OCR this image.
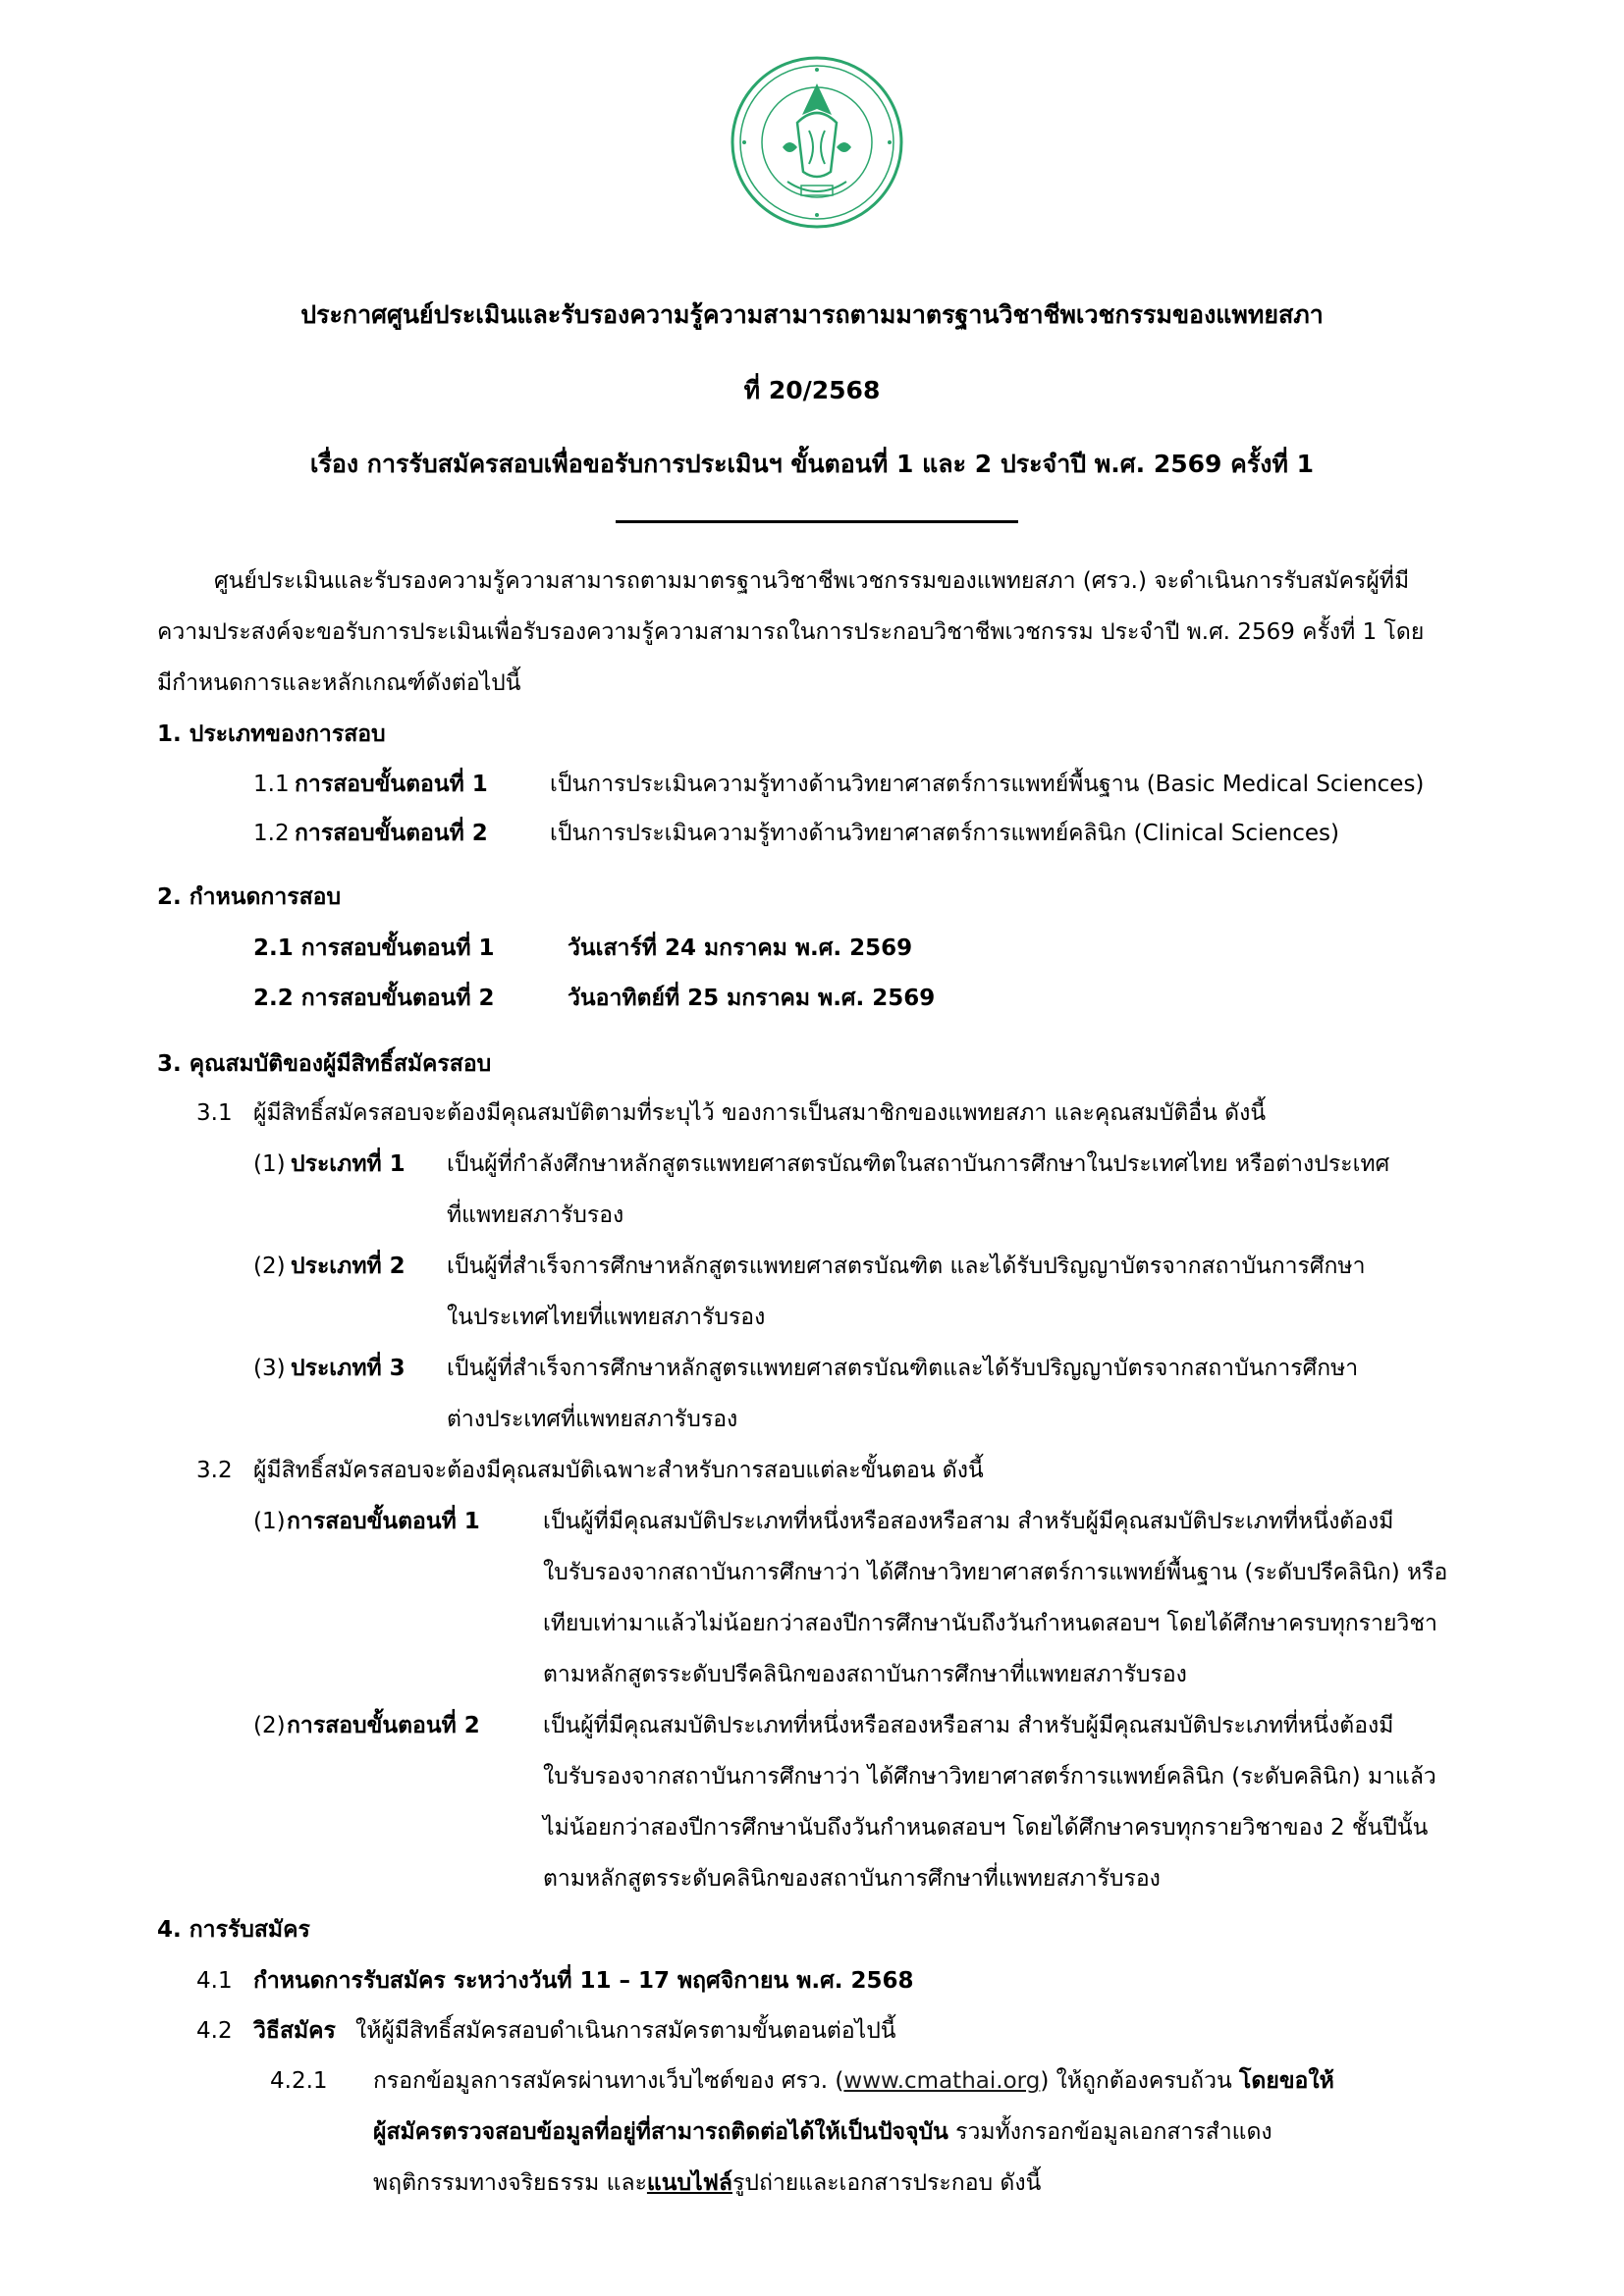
ประกาศศูนย์ประเมินและรับรองความรู้ความสามารถตามมาตรฐานวิชาชีพเวชกรรมของแพทยสภา
ที่ 20/2568
เรื่อง การรับสมัครสอบเพื่อขอรับการประเมินฯ ขั้นตอนที่ 1 และ 2 ประจำปี พ.ศ. 2569 ครั้งที่ 1
ศูนย์ประเมินและรับรองความรู้ความสามารถตามมาตรฐานวิชาชีพเวชกรรมของแพทยสภา (ศรว.) จะดำเนินการรับสมัครผู้ที่มี
ความประสงค์จะขอรับการประเมินเพื่อรับรองความรู้ความสามารถในการประกอบวิชาชีพเวชกรรม ประจำปี พ.ศ. 2569 ครั้งที่ 1 โดย
มีกำหนดการและหลักเกณฑ์ดังต่อไปนี้
1. ประเภทของการสอบ
1.1 การสอบขั้นตอนที่ 1	เป็นการประเมินความรู้ทางด้านวิทยาศาสตร์การแพทย์พื้นฐาน (Basic Medical Sciences)
1.2 การสอบขั้นตอนที่ 2	เป็นการประเมินความรู้ทางด้านวิทยาศาสตร์การแพทย์คลินิก (Clinical Sciences)
2. กำหนดการสอบ
2.1 การสอบขั้นตอนที่ 1	วันเสาร์ที่ 24 มกราคม พ.ศ. 2569
2.2 การสอบขั้นตอนที่ 2	วันอาทิตย์ที่ 25 มกราคม พ.ศ. 2569
3. คุณสมบัติของผู้มีสิทธิ์สมัครสอบ
3.1 ผู้มีสิทธิ์สมัครสอบจะต้องมีคุณสมบัติตามที่ระบุไว้ ของการเป็นสมาชิกของแพทยสภา และคุณสมบัติอื่น ดังนี้
(1) ประเภทที่ 1 เป็นผู้ที่กำลังศึกษาหลักสูตรแพทยศาสตรบัณฑิตในสถาบันการศึกษาในประเทศไทย หรือต่างประเทศ
ที่แพทยสภารับรอง
(2) ประเภทที่ 2 เป็นผู้ที่สำเร็จการศึกษาหลักสูตรแพทยศาสตรบัณฑิต และได้รับปริญญาบัตรจากสถาบันการศึกษา
ในประเทศไทยที่แพทยสภารับรอง
(3) ประเภทที่ 3 เป็นผู้ที่สำเร็จการศึกษาหลักสูตรแพทยศาสตรบัณฑิตและได้รับปริญญาบัตรจากสถาบันการศึกษา
ต่างประเทศที่แพทยสภารับรอง
3.2 ผู้มีสิทธิ์สมัครสอบจะต้องมีคุณสมบัติเฉพาะสำหรับการสอบแต่ละขั้นตอน ดังนี้
(1) การสอบขั้นตอนที่ 1	เป็นผู้ที่มีคุณสมบัติประเภทที่หนึ่งหรือสองหรือสาม สำหรับผู้มีคุณสมบัติประเภทที่หนึ่งต้องมี
ใบรับรองจากสถาบันการศึกษาว่า ได้ศึกษาวิทยาศาสตร์การแพทย์พื้นฐาน (ระดับปรีคลินิก) หรือ
เทียบเท่ามาแล้วไม่น้อยกว่าสองปีการศึกษานับถึงวันกำหนดสอบฯ โดยได้ศึกษาครบทุกรายวิชา
ตามหลักสูตรระดับปรีคลินิกของสถาบันการศึกษาที่แพทยสภารับรอง
(2) การสอบขั้นตอนที่ 2	เป็นผู้ที่มีคุณสมบัติประเภทที่หนึ่งหรือสองหรือสาม สำหรับผู้มีคุณสมบัติประเภทที่หนึ่งต้องมี
ใบรับรองจากสถาบันการศึกษาว่า ได้ศึกษาวิทยาศาสตร์การแพทย์คลินิก (ระดับคลินิก) มาแล้ว
ไม่น้อยกว่าสองปีการศึกษานับถึงวันกำหนดสอบฯ โดยได้ศึกษาครบทุกรายวิชาของ 2 ชั้นปีนั้น
ตามหลักสูตรระดับคลินิกของสถาบันการศึกษาที่แพทยสภารับรอง
4. การรับสมัคร
4.1 กำหนดการรับสมัคร ระหว่างวันที่ 11 – 17 พฤศจิกายน พ.ศ. 2568
4.2 วิธีสมัคร ให้ผู้มีสิทธิ์สมัครสอบดำเนินการสมัครตามขั้นตอนต่อไปนี้
4.2.1 กรอกข้อมูลการสมัครผ่านทางเว็บไซต์ของ ศรว. (www.cmathai.org) ให้ถูกต้องครบถ้วน โดยขอให้
ผู้สมัครตรวจสอบข้อมูลที่อยู่ที่สามารถติดต่อได้ให้เป็นปัจจุบัน รวมทั้งกรอกข้อมูลเอกสารสำแดง
พฤติกรรมทางจริยธรรม และแนบไฟล์รูปถ่ายและเอกสารประกอบ ดังนี้
